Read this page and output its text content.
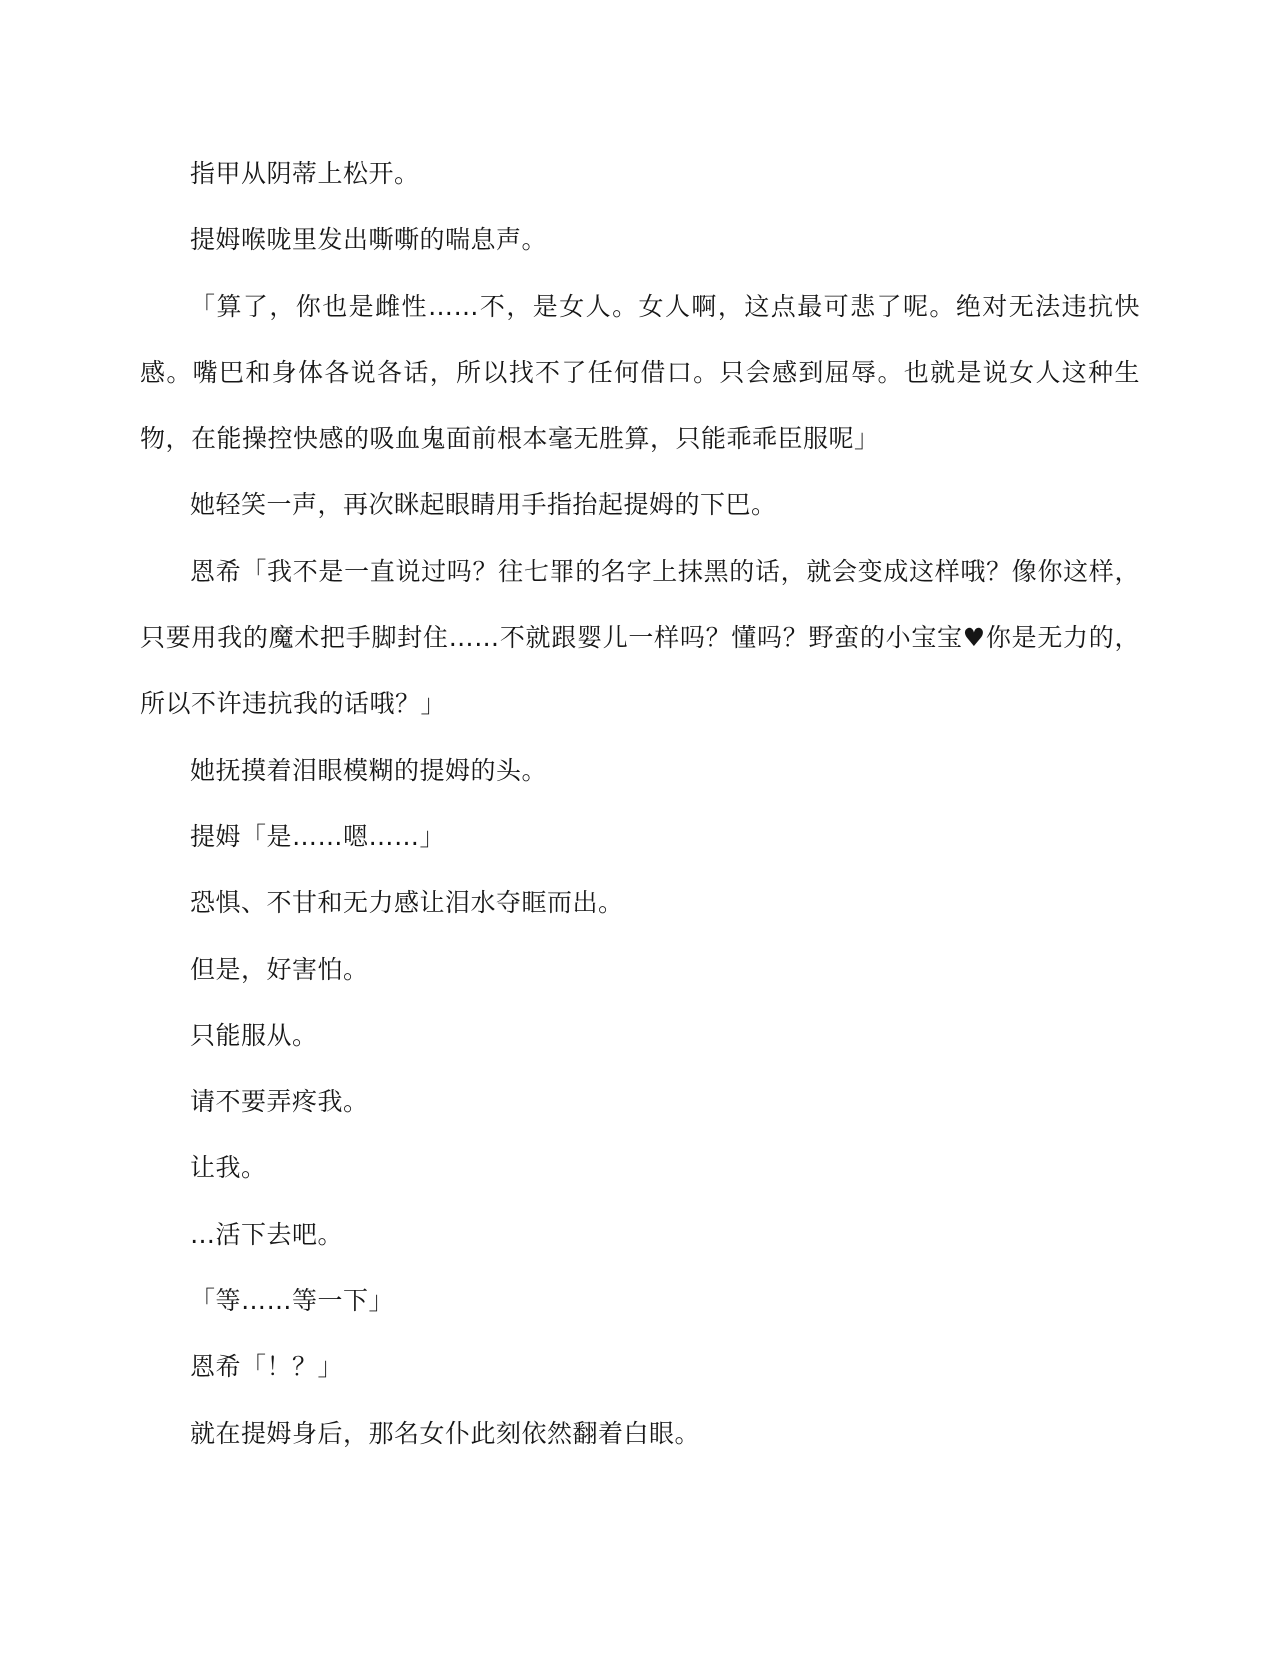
指甲从阴蒂上松开。

提姆喉咙里发出嘶嘶的喘息声。

「算了，你也是雌性……不，是女人。女人啊，这点最可悲了呢。绝对无法违抗快感。嘴巴和身体各说各话，所以找不了任何借口。只会感到屈辱。也就是说女人这种生物，在能操控快感的吸血鬼面前根本毫无胜算，只能乖乖臣服呢」

她轻笑一声，再次眯起眼睛用手指抬起提姆的下巴。

恩希「我不是一直说过吗？往七罪的名字上抹黑的话，就会变成这样哦？像你这样，只要用我的魔术把手脚封住……不就跟婴儿一样吗？懂吗？野蛮的小宝宝♥你是无力的，所以不许违抗我的话哦？」

她抚摸着泪眼模糊的提姆的头。

提姆「是……嗯……」

恐惧、不甘和无力感让泪水夺眶而出。

但是，好害怕。

只能服从。

请不要弄疼我。

让我。

…活下去吧。

「等……等一下」

恩希「！？」

就在提姆身后，那名女仆此刻依然翻着白眼。
